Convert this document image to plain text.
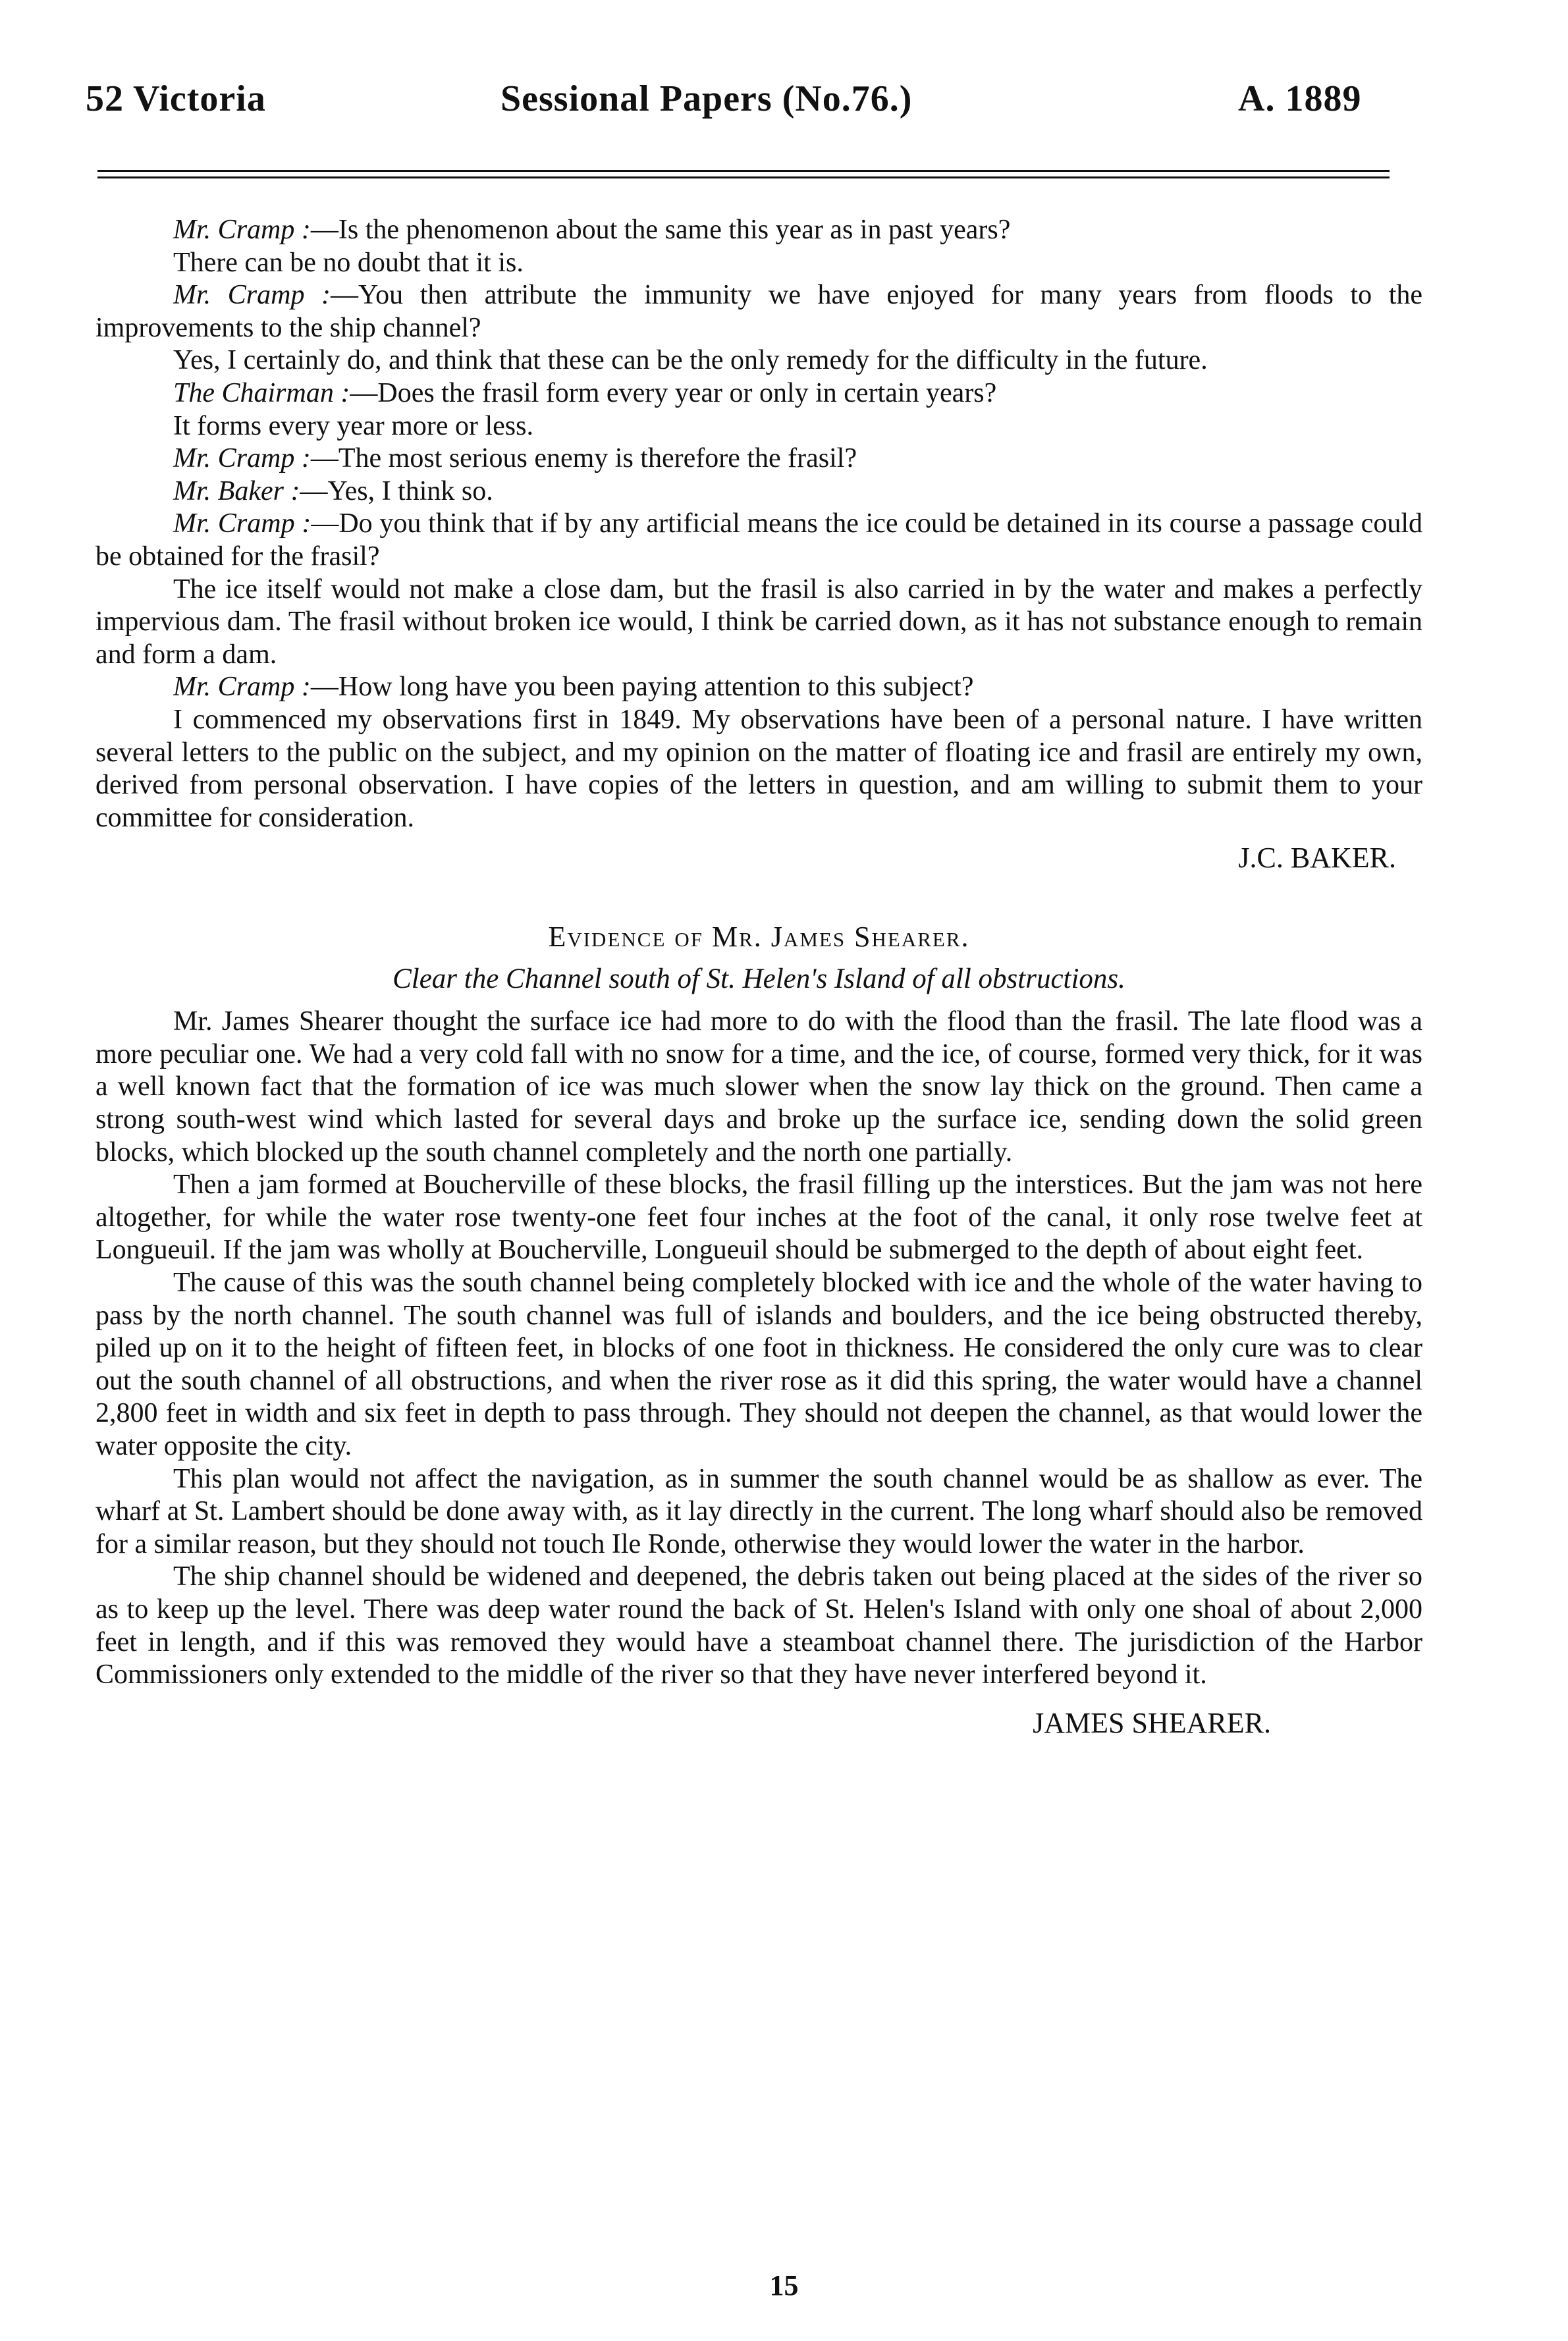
52 Victoria	Sessional Papers (No.76.)	A. 1889

Mr. Cramp :—Is the phenomenon about the same this year as in past years?

There can be no doubt that it is.

Mr. Cramp :—You then attribute the immunity we have enjoyed for many years from floods to the improvements to the ship channel?

Yes, I certainly do, and think that these can be the only remedy for the difficulty in the future.

The Chairman :—Does the frasil form every year or only in certain years?

It forms every year more or less.

Mr. Cramp :—The most serious enemy is therefore the frasil?

Mr. Baker :—Yes, I think so.

Mr. Cramp :—Do you think that if by any artificial means the ice could be detained in its course a passage could be obtained for the frasil?

The ice itself would not make a close dam, but the frasil is also carried in by the water and makes a perfectly impervious dam. The frasil without broken ice would, I think be carried down, as it has not substance enough to remain and form a dam.

Mr. Cramp :—How long have you been paying attention to this subject?

I commenced my observations first in 1849. My observations have been of a personal nature. I have written several letters to the public on the subject, and my opinion on the matter of floating ice and frasil are entirely my own, derived from personal observation. I have copies of the letters in question, and am willing to submit them to your committee for consideration.

J.C. BAKER.
Evidence of Mr. James Shearer.
Clear the Channel south of St. Helen's Island of all obstructions.

Mr. James Shearer thought the surface ice had more to do with the flood than the frasil. The late flood was a more peculiar one. We had a very cold fall with no snow for a time, and the ice, of course, formed very thick, for it was a well known fact that the formation of ice was much slower when the snow lay thick on the ground. Then came a strong south-west wind which lasted for several days and broke up the surface ice, sending down the solid green blocks, which blocked up the south channel completely and the north one partially.

Then a jam formed at Boucherville of these blocks, the frasil filling up the interstices. But the jam was not here altogether, for while the water rose twenty-one feet four inches at the foot of the canal, it only rose twelve feet at Longueuil. If the jam was wholly at Boucherville, Longueuil should be submerged to the depth of about eight feet.

The cause of this was the south channel being completely blocked with ice and the whole of the water having to pass by the north channel. The south channel was full of islands and boulders, and the ice being obstructed thereby, piled up on it to the height of fifteen feet, in blocks of one foot in thickness. He considered the only cure was to clear out the south channel of all obstructions, and when the river rose as it did this spring, the water would have a channel 2,800 feet in width and six feet in depth to pass through. They should not deepen the channel, as that would lower the water opposite the city.

This plan would not affect the navigation, as in summer the south channel would be as shallow as ever. The wharf at St. Lambert should be done away with, as it lay directly in the current. The long wharf should also be removed for a similar reason, but they should not touch Ile Ronde, otherwise they would lower the water in the harbor.

The ship channel should be widened and deepened, the debris taken out being placed at the sides of the river so as to keep up the level. There was deep water round the back of St. Helen's Island with only one shoal of about 2,000 feet in length, and if this was removed they would have a steamboat channel there. The jurisdiction of the Harbor Commissioners only extended to the middle of the river so that they have never interfered beyond it.

JAMES SHEARER.
15
